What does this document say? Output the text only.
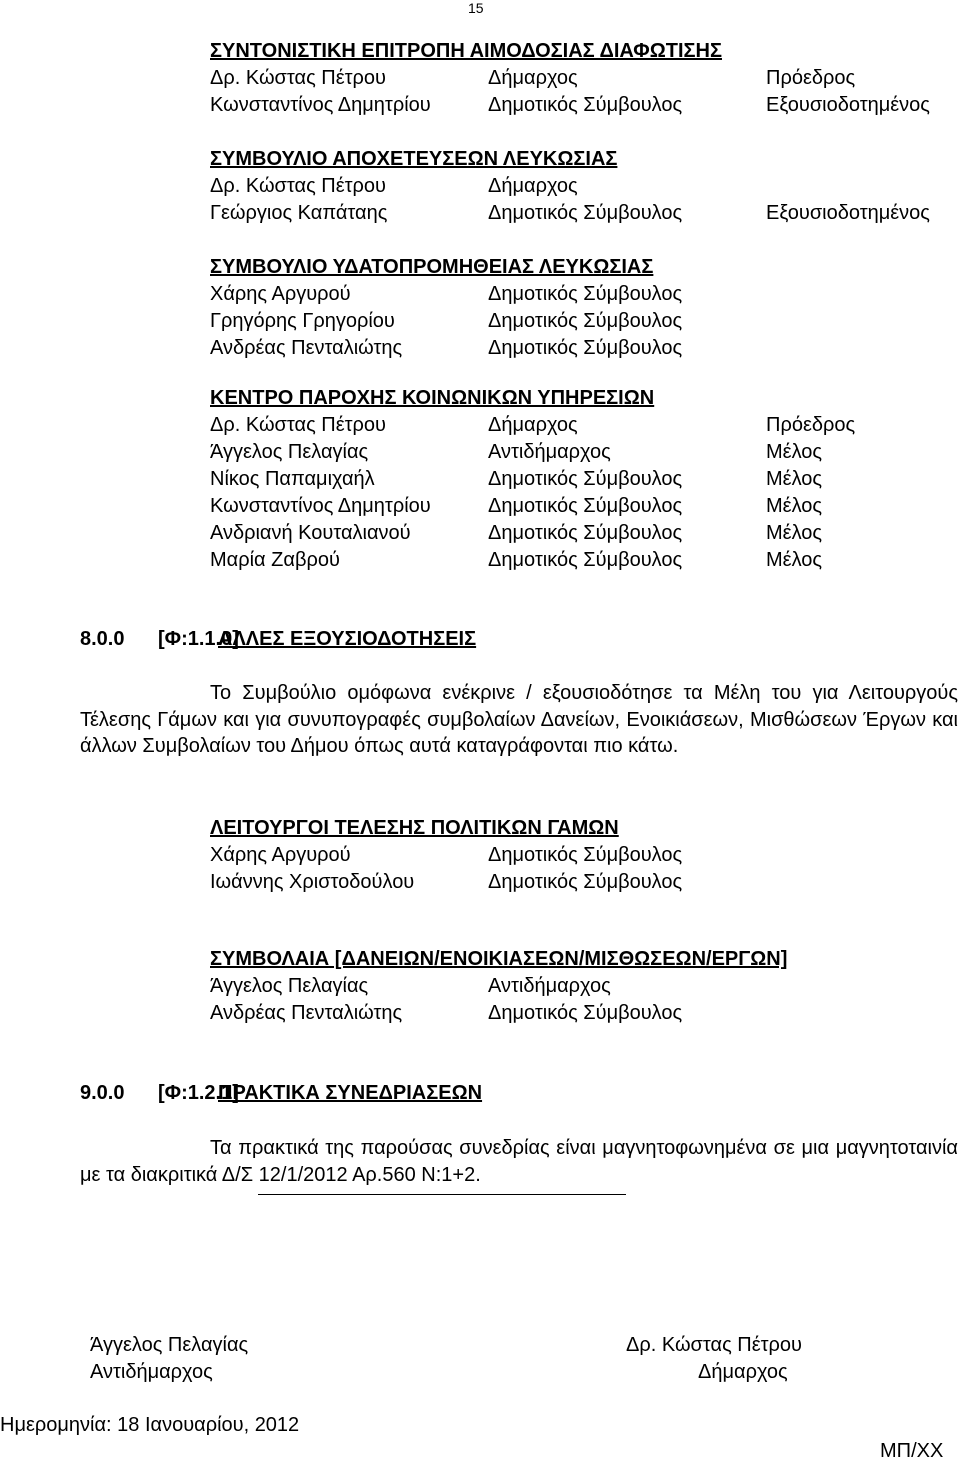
15
ΣΥΝΤΟΝΙΣΤΙΚΗ ΕΠΙΤΡΟΠΗ ΑΙΜΟΔΟΣΙΑΣ ΔΙΑΦΩΤΙΣΗΣ
Δρ. Κώστας Πέτρου	Δήμαρχος	Πρόεδρος
Κωνσταντίνος Δημητρίου	Δημοτικός Σύμβουλος	Εξουσιοδοτημένος
ΣΥΜΒΟΥΛΙΟ ΑΠΟΧΕΤΕΥΣΕΩΝ ΛΕΥΚΩΣΙΑΣ
Δρ. Κώστας Πέτρου	Δήμαρχος
Γεώργιος Καπάταης	Δημοτικός Σύμβουλος	Εξουσιοδοτημένος
ΣΥΜΒΟΥΛΙΟ ΥΔΑΤΟΠΡΟΜΗΘΕΙΑΣ ΛΕΥΚΩΣΙΑΣ
Χάρης Αργυρού	Δημοτικός Σύμβουλος
Γρηγόρης Γρηγορίου	Δημοτικός Σύμβουλος
Ανδρέας Πενταλιώτης	Δημοτικός Σύμβουλος
ΚΕΝΤΡΟ ΠΑΡΟΧΗΣ ΚΟΙΝΩΝΙΚΩΝ ΥΠΗΡΕΣΙΩΝ
Δρ. Κώστας Πέτρου	Δήμαρχος	Πρόεδρος
Άγγελος Πελαγίας	Αντιδήμαρχος	Μέλος
Νίκος Παπαμιχαήλ	Δημοτικός Σύμβουλος	Μέλος
Κωνσταντίνος Δημητρίου	Δημοτικός Σύμβουλος	Μέλος
Ανδριανή Κουταλιανού	Δημοτικός Σύμβουλος	Μέλος
Μαρία Ζαβρού	Δημοτικός Σύμβουλος	Μέλος
8.0.0 [Φ:1.1.0]
ΑΛΛΕΣ ΕΞΟΥΣΙΟΔΟΤΗΣΕΙΣ
Το Συμβούλιο ομόφωνα ενέκρινε / εξουσιοδότησε τα Μέλη του για Λειτουργούς Τέλεσης Γάμων και για συνυπογραφές συμβολαίων Δανείων, Ενοικιάσεων, Μισθώσεων Έργων και άλλων Συμβολαίων του Δήμου όπως αυτά καταγράφονται πιο κάτω.
ΛΕΙΤΟΥΡΓΟΙ ΤΕΛΕΣΗΣ ΠΟΛΙΤΙΚΩΝ ΓΑΜΩΝ
Χάρης Αργυρού	Δημοτικός Σύμβουλος
Ιωάννης Χριστοδούλου	Δημοτικός Σύμβουλος
ΣΥΜΒΟΛΑΙΑ [ΔΑΝΕΙΩΝ/ΕΝΟΙΚΙΑΣΕΩΝ/ΜΙΣΘΩΣΕΩΝ/ΕΡΓΩΝ]
Άγγελος Πελαγίας	Αντιδήμαρχος
Ανδρέας Πενταλιώτης	Δημοτικός Σύμβουλος
9.0.0 [Φ:1.2.1]
ΠΡΑΚΤΙΚΑ ΣΥΝΕΔΡΙΑΣΕΩΝ
Τα πρακτικά της παρούσας συνεδρίας είναι μαγνητοφωνημένα σε μια μαγνητοταινία με τα διακριτικά Δ/Σ 12/1/2012 Αρ.560 Ν:1+2.
Άγγελος Πελαγίας
Αντιδήμαρχος
Δρ. Κώστας Πέτρου
Δήμαρχος
Ημερομηνία: 18 Ιανουαρίου, 2012
ΜΠ/ΧΧ
